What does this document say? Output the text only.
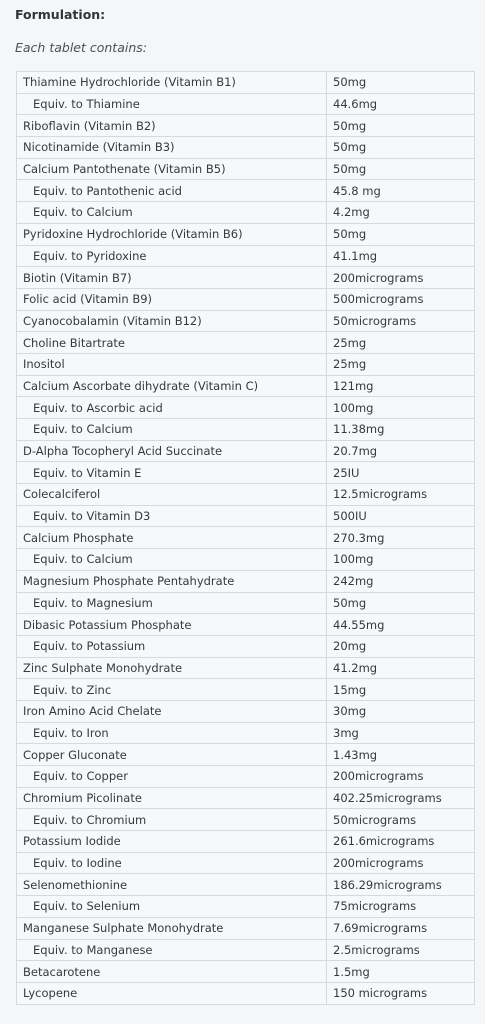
Formulation:
Each tablet contains:
Thiamine Hydrochloride (Vitamin B1)	50mg
Equiv. to Thiamine	44.6mg
Riboflavin (Vitamin B2)	50mg
Nicotinamide (Vitamin B3)	50mg
Calcium Pantothenate (Vitamin B5)	50mg
Equiv. to Pantothenic acid	45.8 mg
Equiv. to Calcium	4.2mg
Pyridoxine Hydrochloride (Vitamin B6)	50mg
Equiv. to Pyridoxine	41.1mg
Biotin (Vitamin B7)	200micrograms
Folic acid (Vitamin B9)	500micrograms
Cyanocobalamin (Vitamin B12)	50micrograms
Choline Bitartrate	25mg
Inositol	25mg
Calcium Ascorbate dihydrate (Vitamin C)	121mg
Equiv. to Ascorbic acid	100mg
Equiv. to Calcium	11.38mg
D-Alpha Tocopheryl Acid Succinate	20.7mg
Equiv. to Vitamin E	25IU
Colecalciferol	12.5micrograms
Equiv. to Vitamin D3	500IU
Calcium Phosphate	270.3mg
Equiv. to Calcium	100mg
Magnesium Phosphate Pentahydrate	242mg
Equiv. to Magnesium	50mg
Dibasic Potassium Phosphate	44.55mg
Equiv. to Potassium	20mg
Zinc Sulphate Monohydrate	41.2mg
Equiv. to Zinc	15mg
Iron Amino Acid Chelate	30mg
Equiv. to Iron	3mg
Copper Gluconate	1.43mg
Equiv. to Copper	200micrograms
Chromium Picolinate	402.25micrograms
Equiv. to Chromium	50micrograms
Potassium Iodide	261.6micrograms
Equiv. to Iodine	200micrograms
Selenomethionine	186.29micrograms
Equiv. to Selenium	75micrograms
Manganese Sulphate Monohydrate	7.69micrograms
Equiv. to Manganese	2.5micrograms
Betacarotene	1.5mg
Lycopene	150 micrograms
